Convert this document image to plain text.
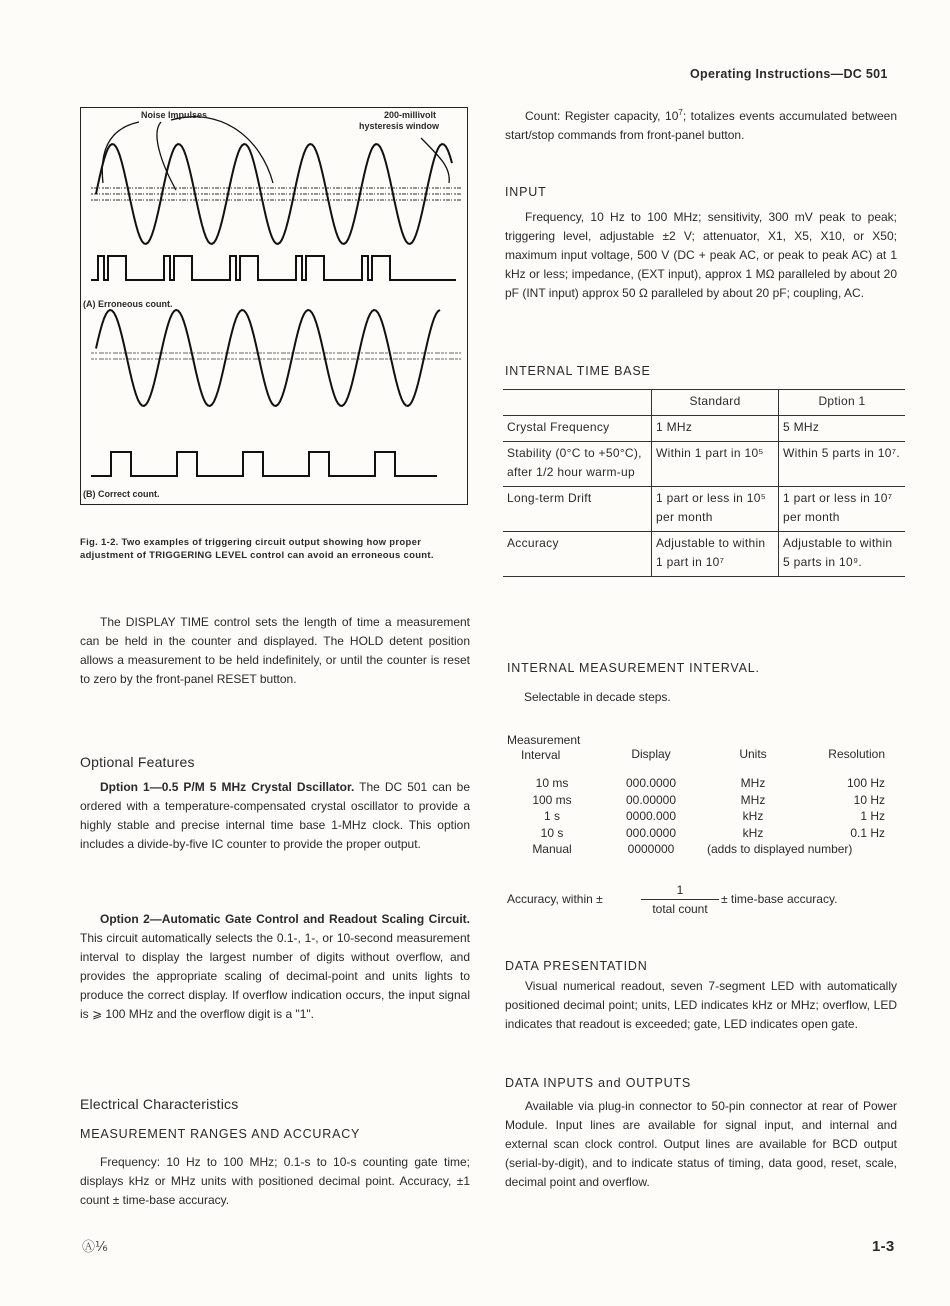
Operating Instructions—DC 501
Noise Impulses	200-millivolt
hysteresis window
(A) Erroneous count.
(B) Correct count.
Fig. 1-2. Two examples of triggering circuit output showing how proper adjustment of TRIGGERING LEVEL control can avoid an erroneous count.

The DISPLAY TIME control sets the length of time a measurement can be held in the counter and displayed. The HOLD detent position allows a measurement to be held indefinitely, or until the counter is reset to zero by the front-panel RESET button.

Optional Features

Dption 1—0.5 P/M 5 MHz Crystal Dscillator. The DC 501 can be ordered with a temperature-compensated crystal oscillator to provide a highly stable and precise internal time base 1-MHz clock. This option includes a divide-by-five IC counter to provide the proper output.

Option 2—Automatic Gate Control and Readout Scaling Circuit. This circuit automatically selects the 0.1-, 1-, or 10-second measurement interval to display the largest number of digits without overflow, and provides the appropriate scaling of decimal-point and units lights to produce the correct display. If overflow indication occurs, the input signal is ⩾ 100 MHz and the overflow digit is a "1".

Electrical Characteristics
MEASUREMENT RANGES AND ACCURACY

Frequency: 10 Hz to 100 MHz; 0.1-s to 10-s counting gate time; displays kHz or MHz units with positioned decimal point. Accuracy, ±1 count ± time-base accuracy.

Count: Register capacity, $10^7$; totalizes events accumulated between start/stop commands from front-panel button.

INPUT

Frequency, 10 Hz to 100 MHz; sensitivity, 300 mV peak to peak; triggering level, adjustable ±2 V; attenuator, X1, X5, X10, or X50; maximum input voltage, 500 V (DC + peak AC, or peak to peak AC) at 1 kHz or less; impedance, (EXT input), approx 1 MΩ paralleled by about 20 pF (INT input) approx 50 Ω paralleled by about 20 pF; coupling, AC.

INTERNAL TIME BASE
	Standard	Dption 1
Crystal Frequency	1 MHz	5 MHz
Stability (0°C to +50°C), after 1/2 hour warm-up	Within 1 part in 10⁵	Within 5 parts in 10⁷.
Long-term Drift	1 part or less in 10⁵ per month	1 part or less in 10⁷ per month
Accuracy	Adjustable to within 1 part in 10⁷	Adjustable to within 5 parts in 10⁹.
INTERNAL MEASUREMENT INTERVAL.
Selectable in decade steps.
Measurement
Interval	Display	Units	Resolution

10 ms	000.0000	MHz	100 Hz
100 ms	00.00000	MHz	10 Hz
1 s	0000.000	kHz	1 Hz
10 s	000.0000	kHz	0.1 Hz
Manual	0000000	(adds to displayed number)	
Accuracy, within ±
1
total count
± time-base accuracy.
DATA PRESENTATIDN

Visual numerical readout, seven 7-segment LED with automatically positioned decimal point; units, LED indicates kHz or MHz; overflow, LED indicates that readout is exceeded; gate, LED indicates open gate.

DATA INPUTS and OUTPUTS

Available via plug-in connector to 50-pin connector at rear of Power Module. Input lines are available for signal input, and internal and external scan clock control. Output lines are available for BCD output (serial-by-digit), and to indicate status of timing, data good, reset, scale, decimal point and overflow.

Ⓐ⅙	1-3
